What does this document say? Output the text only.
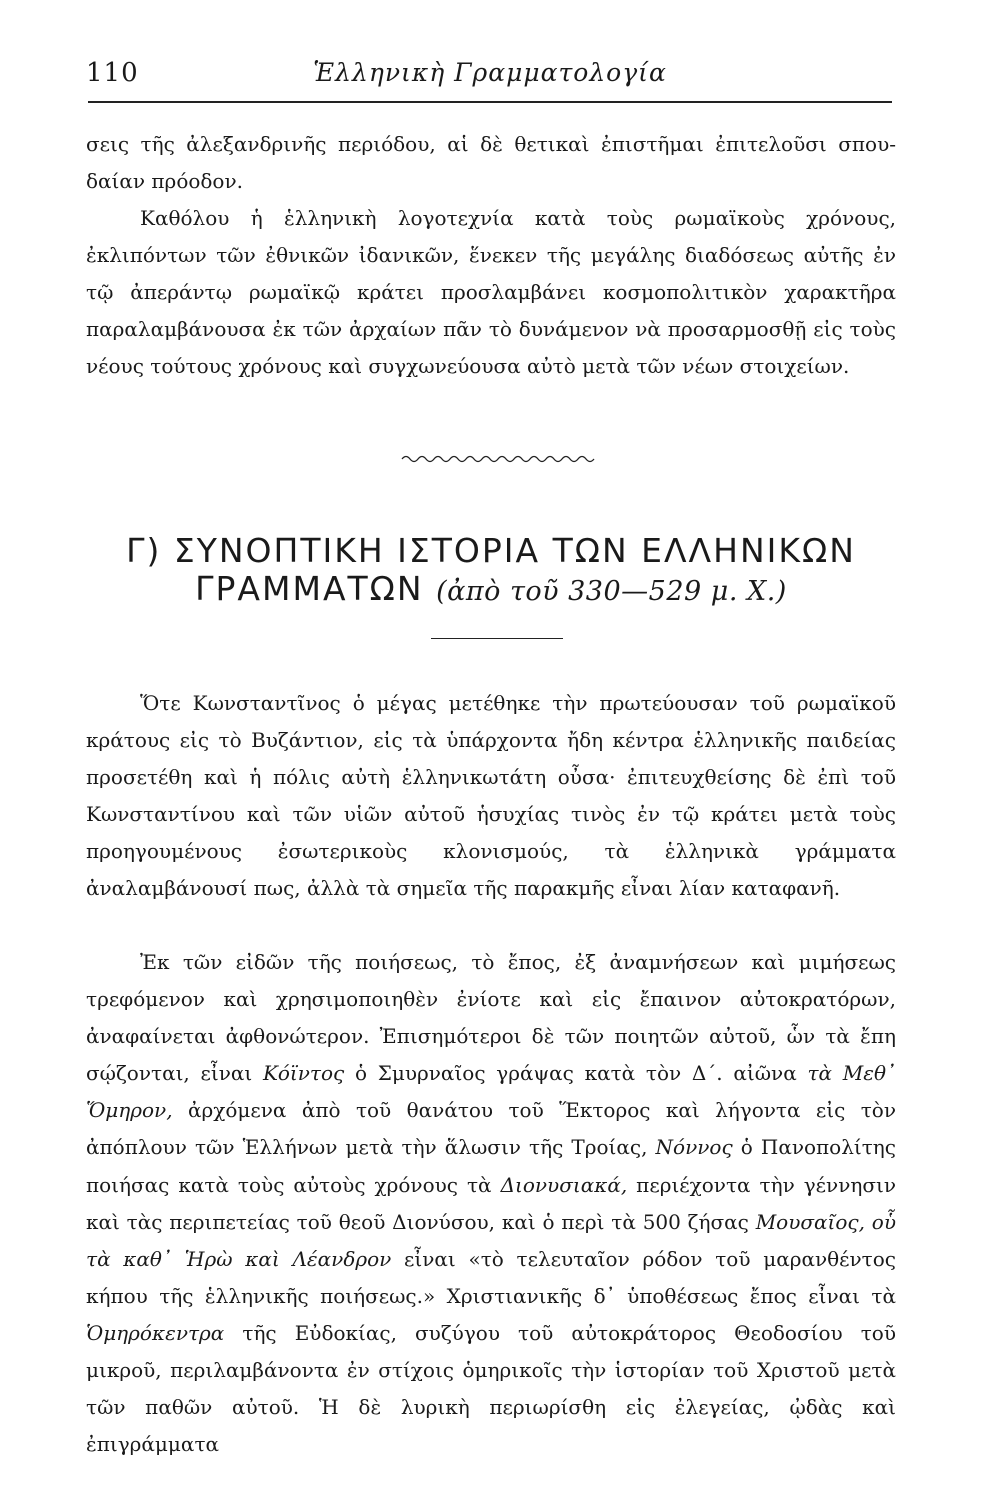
110	Ἑλληνικὴ Γραμματολογία

σεις τῆς ἀλεξανδρινῆς περιόδου, αἱ δὲ θετικαὶ ἐπιστῆμαι ἐπιτελοῦσι σπου- δαίαν πρόοδον.

Καθόλου ἡ ἑλληνικὴ λογοτεχνία κατὰ τοὺς ρωμαϊκοὺς χρόνους, ἐκλιπόντων τῶν ἐθνικῶν ἰδανικῶν, ἕνεκεν τῆς μεγάλης διαδόσεως αὐτῆς ἐν τῷ ἀπεράντῳ ρωμαϊκῷ κράτει προσλαμβάνει κοσμοπολιτικὸν χαρακτῆρα παραλαμβάνουσα ἐκ τῶν ἀρχαίων πᾶν τὸ δυνάμενον νὰ προσαρμοσθῇ εἰς τοὺς νέους τούτους χρόνους καὶ συγχωνεύουσα αὐτὸ μετὰ τῶν νέων στοιχείων.

Γ) ΣΥΝΟΠΤΙΚΗ ΙΣΤΟΡΙΑ ΤΩΝ ΕΛΛΗΝΙΚΩΝ
ΓΡΑΜΜΑΤΩΝ (ἀπὸ τοῦ 330—529 μ. Χ.)

Ὅτε Κωνσταντῖνος ὁ μέγας μετέθηκε τὴν πρωτεύουσαν τοῦ ρωμαϊκοῦ κράτους εἰς τὸ Βυζάντιον, εἰς τὰ ὑπάρχοντα ἤδη κέντρα ἑλληνικῆς παιδείας προσετέθη καὶ ἡ πόλις αὐτὴ ἑλληνικωτάτη οὖσα· ἐπιτευχθείσης δὲ ἐπὶ τοῦ Κωνσταντίνου καὶ τῶν υἱῶν αὐτοῦ ἡσυχίας τινὸς ἐν τῷ κράτει μετὰ τοὺς προηγουμένους ἐσωτερικοὺς κλονισμούς, τὰ ἑλληνικὰ γράμματα ἀναλαμβάνουσί πως, ἀλλὰ τὰ σημεῖα τῆς παρακμῆς εἶναι λίαν καταφανῆ.

Ἐκ τῶν εἰδῶν τῆς ποιήσεως, τὸ ἔπος, ἐξ ἀναμνήσεων καὶ μιμήσεως τρεφόμενον καὶ χρησιμοποιηθὲν ἐνίοτε καὶ εἰς ἔπαινον αὐτοκρατόρων, ἀναφαίνεται ἀφθονώτερον. Ἐπισημότεροι δὲ τῶν ποιητῶν αὐτοῦ, ὧν τὰ ἔπη σῴζονται, εἶναι Κόϊντος ὁ Σμυρναῖος γράψας κατὰ τὸν Δ΄. αἰῶνα τὰ Μεθ᾿ Ὅμηρον, ἀρχόμενα ἀπὸ τοῦ θανάτου τοῦ Ἕκτορος καὶ λήγοντα εἰς τὸν ἀπόπλουν τῶν Ἑλλήνων μετὰ τὴν ἅλωσιν τῆς Τροίας, Νόννος ὁ Πανοπολίτης ποιήσας κατὰ τοὺς αὐτοὺς χρόνους τὰ Διονυσιακά, περιέχοντα τὴν γέννησιν καὶ τὰς περιπετείας τοῦ θεοῦ Διονύσου, καὶ ὁ περὶ τὰ 500 ζήσας Μουσαῖος, οὗ τὰ καθ᾿ Ἡρὼ καὶ Λέανδρον εἶναι «τὸ τελευταῖον ρόδον τοῦ μαρανθέντος κήπου τῆς ἑλληνικῆς ποιήσεως.» Χριστιανικῆς δ᾿ ὑποθέσεως ἔπος εἶναι τὰ Ὁμηρόκεντρα τῆς Εὐδοκίας, συζύγου τοῦ αὐτοκράτορος Θεοδοσίου τοῦ μικροῦ, περιλαμβάνοντα ἐν στίχοις ὁμηρικοῖς τὴν ἱστορίαν τοῦ Χριστοῦ μετὰ τῶν παθῶν αὐτοῦ. Ἡ δὲ λυρικὴ περιωρίσθη εἰς ἐλεγείας, ᾠδὰς καὶ ἐπιγράμματα
